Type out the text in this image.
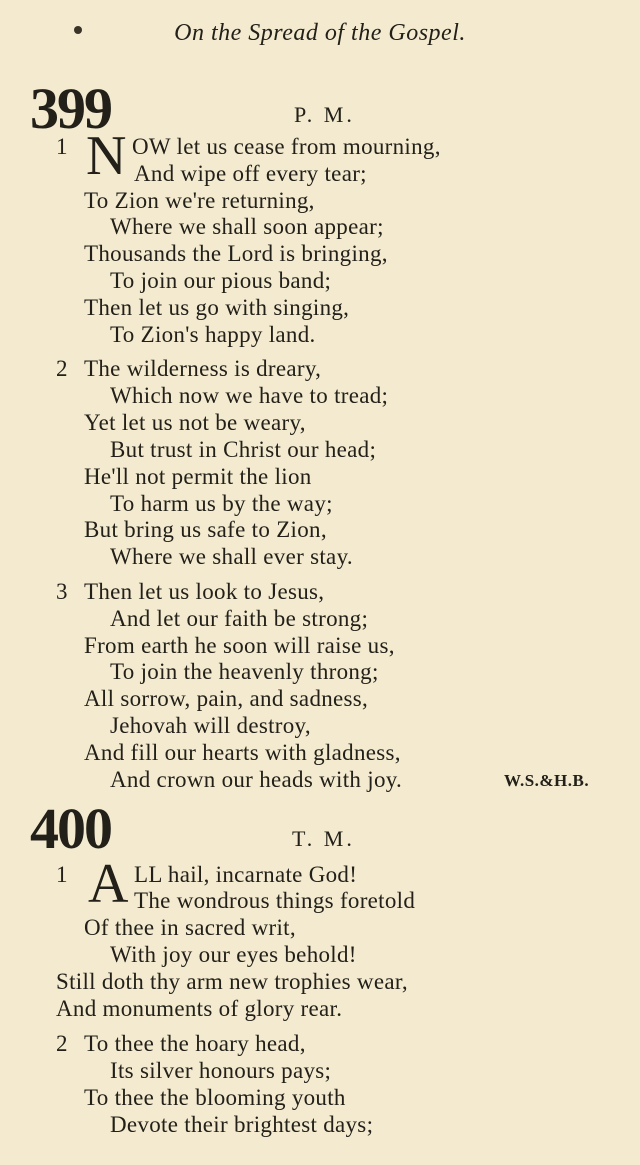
On the Spread of the Gospel.
399	P. M.
1 N OW let us cease from mourning,
And wipe off every tear;
To Zion we're returning,
Where we shall soon appear;
Thousands the Lord is bringing,
To join our pious band;
Then let us go with singing,
To Zion's happy land.
2 The wilderness is dreary,
Which now we have to tread;
Yet let us not be weary,
But trust in Christ our head;
He'll not permit the lion
To harm us by the way;
But bring us safe to Zion,
Where we shall ever stay.
3 Then let us look to Jesus,
And let our faith be strong;
From earth he soon will raise us,
To join the heavenly throng;
All sorrow, pain, and sadness,
Jehovah will destroy,
And fill our hearts with gladness,
And crown our heads with joy.	W.S.&H.B.
400	T. M.
1 A LL hail, incarnate God!
The wondrous things foretold
Of thee in sacred writ,
With joy our eyes behold!
Still doth thy arm new trophies wear,
And monuments of glory rear.
2 To thee the hoary head,
Its silver honours pays;
To thee the blooming youth
Devote their brightest days;
